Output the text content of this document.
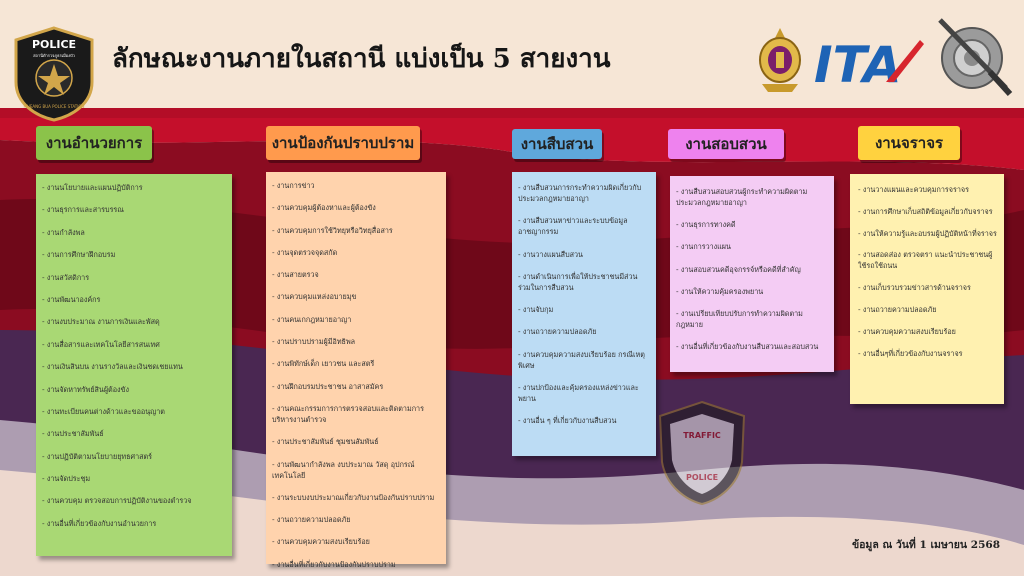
POLICE
สถานีตำรวจภูธรเมืองบัว
MUEANG BUA POLICE STATION
ลักษณะงานภายในสถานี แบ่งเป็น 5 สายงาน	ITA
งานอำนวยการ	งานป้องกันปราบปราม	งานสืบสวน	งานสอบสวน	งานจราจร
- งานนโยบายและแผนปฏิบัติการ
- งานธุรการและสารบรรณ
- งานกำลังพล
- งานการศึกษาฝึกอบรม
- งานสวัสดิการ
- งานพัฒนาองค์กร
- งานงบประมาณ งานการเงินและพัสดุ
- งานสื่อสารและเทคโนโลยีสารสนเทศ
- งานเงินสินบน งานรางวัลและเงินชดเชยแทน
- งานจัดหาทรัพย์สินผู้ต้องขัง
- งานทะเบียนคนต่างด้าวและขออนุญาต
- งานประชาสัมพันธ์
- งานปฏิบัติตามนโยบายยุทธศาสตร์
- งานจัดประชุม
- งานควบคุม ตรวจสอบการปฏิบัติงานของตำรวจ
- งานอื่นที่เกี่ยวข้องกับงานอำนวยการ
- งานการข่าว
- งานควบคุมผู้ต้องหาและผู้ต้องขัง
- งานควบคุมการใช้วิทยุหรือวิทยุสื่อสาร
- งานจุดตรวจจุดสกัด
- งานสายตรวจ
- งานควบคุมแหล่งอบายมุข
- งานคนเกกฎหมายอาญา
- งานปราบปรามผู้มีอิทธิพล
- งานพิทักษ์เด็ก เยาวชน และสตรี
- งานฝึกอบรมประชาชน อาสาสมัคร
- งานคณะกรรมการการตรวจสอบและติดตามการบริหารงานตำรวจ
- งานประชาสัมพันธ์ ชุมชนสัมพันธ์
- งานพัฒนากำลังพล งบประมาณ วัสดุ อุปกรณ์ เทคโนโลยี
- งานระบบงบประมาณเกี่ยวกับงานป้องกันปราบปราม
- งานถวายความปลอดภัย
- งานควบคุมความสงบเรียบร้อย
- งานอื่นที่เกี่ยวกับงานป้องกันปราบปราม
- งานสืบสวนการกระทำความผิดเกี่ยวกับประมวลกฎหมายอาญา
- งานสืบสวนหาข่าวและระบบข้อมูลอาชญากรรม
- งานวางแผนสืบสวน
- งานดำเนินการเพื่อให้ประชาชนมีส่วนร่วมในการสืบสวน
- งานจับกุม
- งานถวายความปลอดภัย
- งานควบคุมความสงบเรียบร้อย กรณีเหตุพิเศษ
- งานปกป้องและคุ้มครองแหล่งข่าวและพยาน
- งานอื่น ๆ ที่เกี่ยวกับงานสืบสวน
- งานสืบสวนสอบสวนผู้กระทำความผิดตามประมวลกฎหมายอาญา
- งานธุรการทางคดี
- งานการวางแผน
- งานสอบสวนคดีอุจกรรจ์หรือคดีที่สำคัญ
- งานให้ความคุ้มครองพยาน
- งานเปรียบเทียบปรับการทำความผิดตามกฎหมาย
- งานอื่นที่เกี่ยวข้องกับงานสืบสวนและสอบสวน
- งานวางแผนและควบคุมการจราจร
- งานการศึกษาเก็บสถิติข้อมูลเกี่ยวกับจราจร
- งานให้ความรู้และอบรมผู้ปฏิบัติหน้าที่จราจร
- งานสอดส่อง ตรวจตรา แนะนำประชาชนผู้ใช้รถใช้ถนน
- งานเก็บรวบรวมข่าวสารด้านจราจร
- งานถวายความปลอดภัย
- งานควบคุมความสงบเรียบร้อย
- งานอื่นๆที่เกี่ยวข้องกับงานจราจร
TRAFFIC
POLICE
ข้อมูล ณ วันที่ 1 เมษายน 2568
